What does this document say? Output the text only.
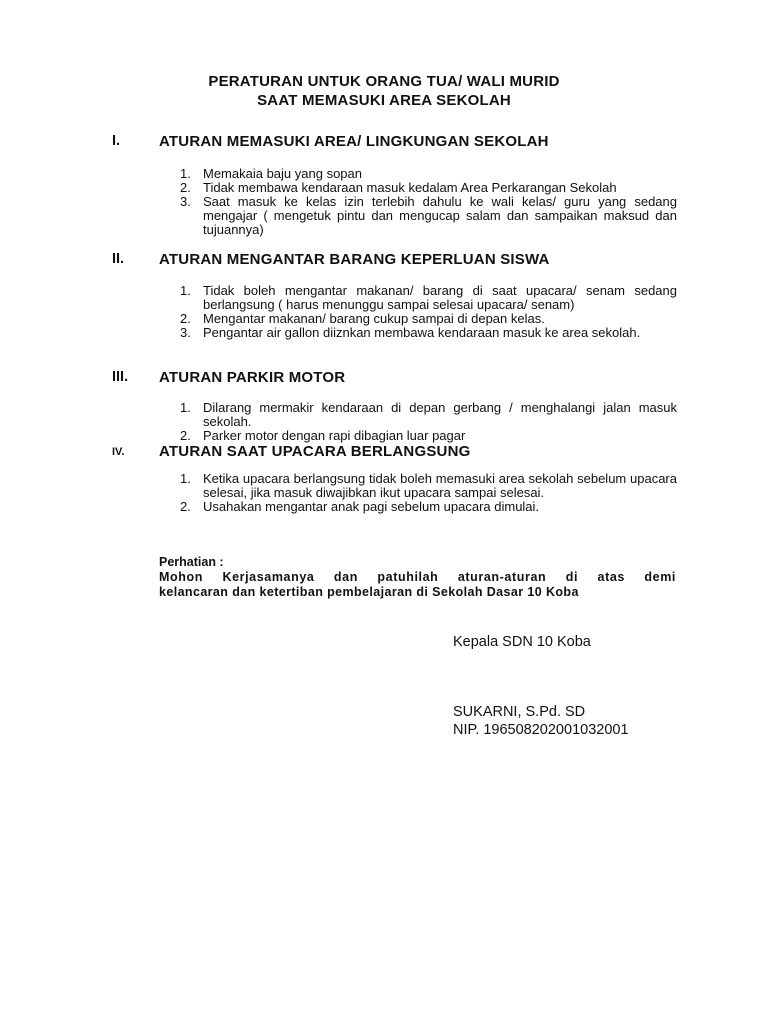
PERATURAN UNTUK ORANG TUA/ WALI MURID
SAAT MEMASUKI AREA SEKOLAH
I.	ATURAN MEMASUKI AREA/ LINGKUNGAN SEKOLAH
1. Memakaia baju yang sopan
2. Tidak membawa kendaraan masuk kedalam Area Perkarangan Sekolah
3. Saat masuk ke kelas izin terlebih dahulu ke wali kelas/ guru yang sedang mengajar ( mengetuk pintu dan mengucap salam dan sampaikan maksud dan tujuannya)
II. ATURAN MENGANTAR BARANG KEPERLUAN SISWA
1. Tidak boleh mengantar makanan/ barang di saat upacara/ senam sedang berlangsung ( harus menunggu sampai selesai upacara/ senam)
2. Mengantar makanan/ barang cukup sampai di depan kelas.
3. Pengantar air gallon diiznkan membawa kendaraan masuk ke area sekolah.
III. ATURAN PARKIR MOTOR
1. Dilarang mermakir kendaraan di depan gerbang / menghalangi jalan masuk sekolah.
2. Parker motor dengan rapi dibagian luar pagar
IV. ATURAN SAAT UPACARA BERLANGSUNG
1. Ketika upacara berlangsung tidak boleh memasuki area sekolah sebelum upacara selesai, jika masuk diwajibkan ikut upacara sampai selesai.
2. Usahakan mengantar anak pagi sebelum upacara dimulai.
Perhatian :
Mohon Kerjasamanya dan patuhilah aturan-aturan di atas demi
kelancaran dan ketertiban pembelajaran di Sekolah Dasar 10 Koba
Kepala SDN 10 Koba
SUKARNI, S.Pd. SD
NIP. 196508202001032001
